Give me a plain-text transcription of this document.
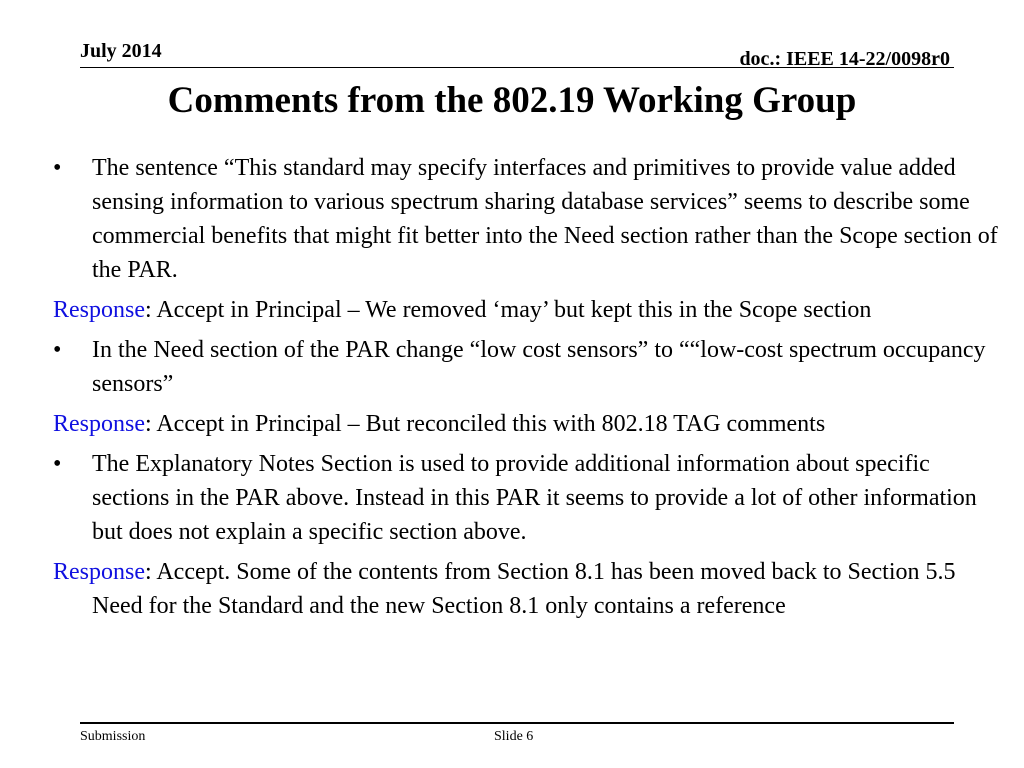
July 2014	doc.: IEEE 14-22/0098r0
Comments from the 802.19 Working Group
• The sentence “This standard may specify interfaces and primitives to provide value added sensing information to various spectrum sharing database services” seems to describe some commercial benefits that might fit better into the Need section rather than the Scope section of the PAR.
Response: Accept in Principal – We removed ‘may’ but kept this in the Scope section
• In the Need section of the PAR change “low cost sensors” to ““low-cost spectrum occupancy sensors”
Response: Accept in Principal – But reconciled this with 802.18 TAG comments
• The Explanatory Notes Section is used to provide additional information about specific sections in the PAR above. Instead in this PAR it seems to provide a lot of other information but does not explain a specific section above.
Response: Accept. Some of the contents from Section 8.1 has been moved back to Section 5.5 Need for the Standard and the new Section 8.1 only contains a reference
Submission	Slide 6
